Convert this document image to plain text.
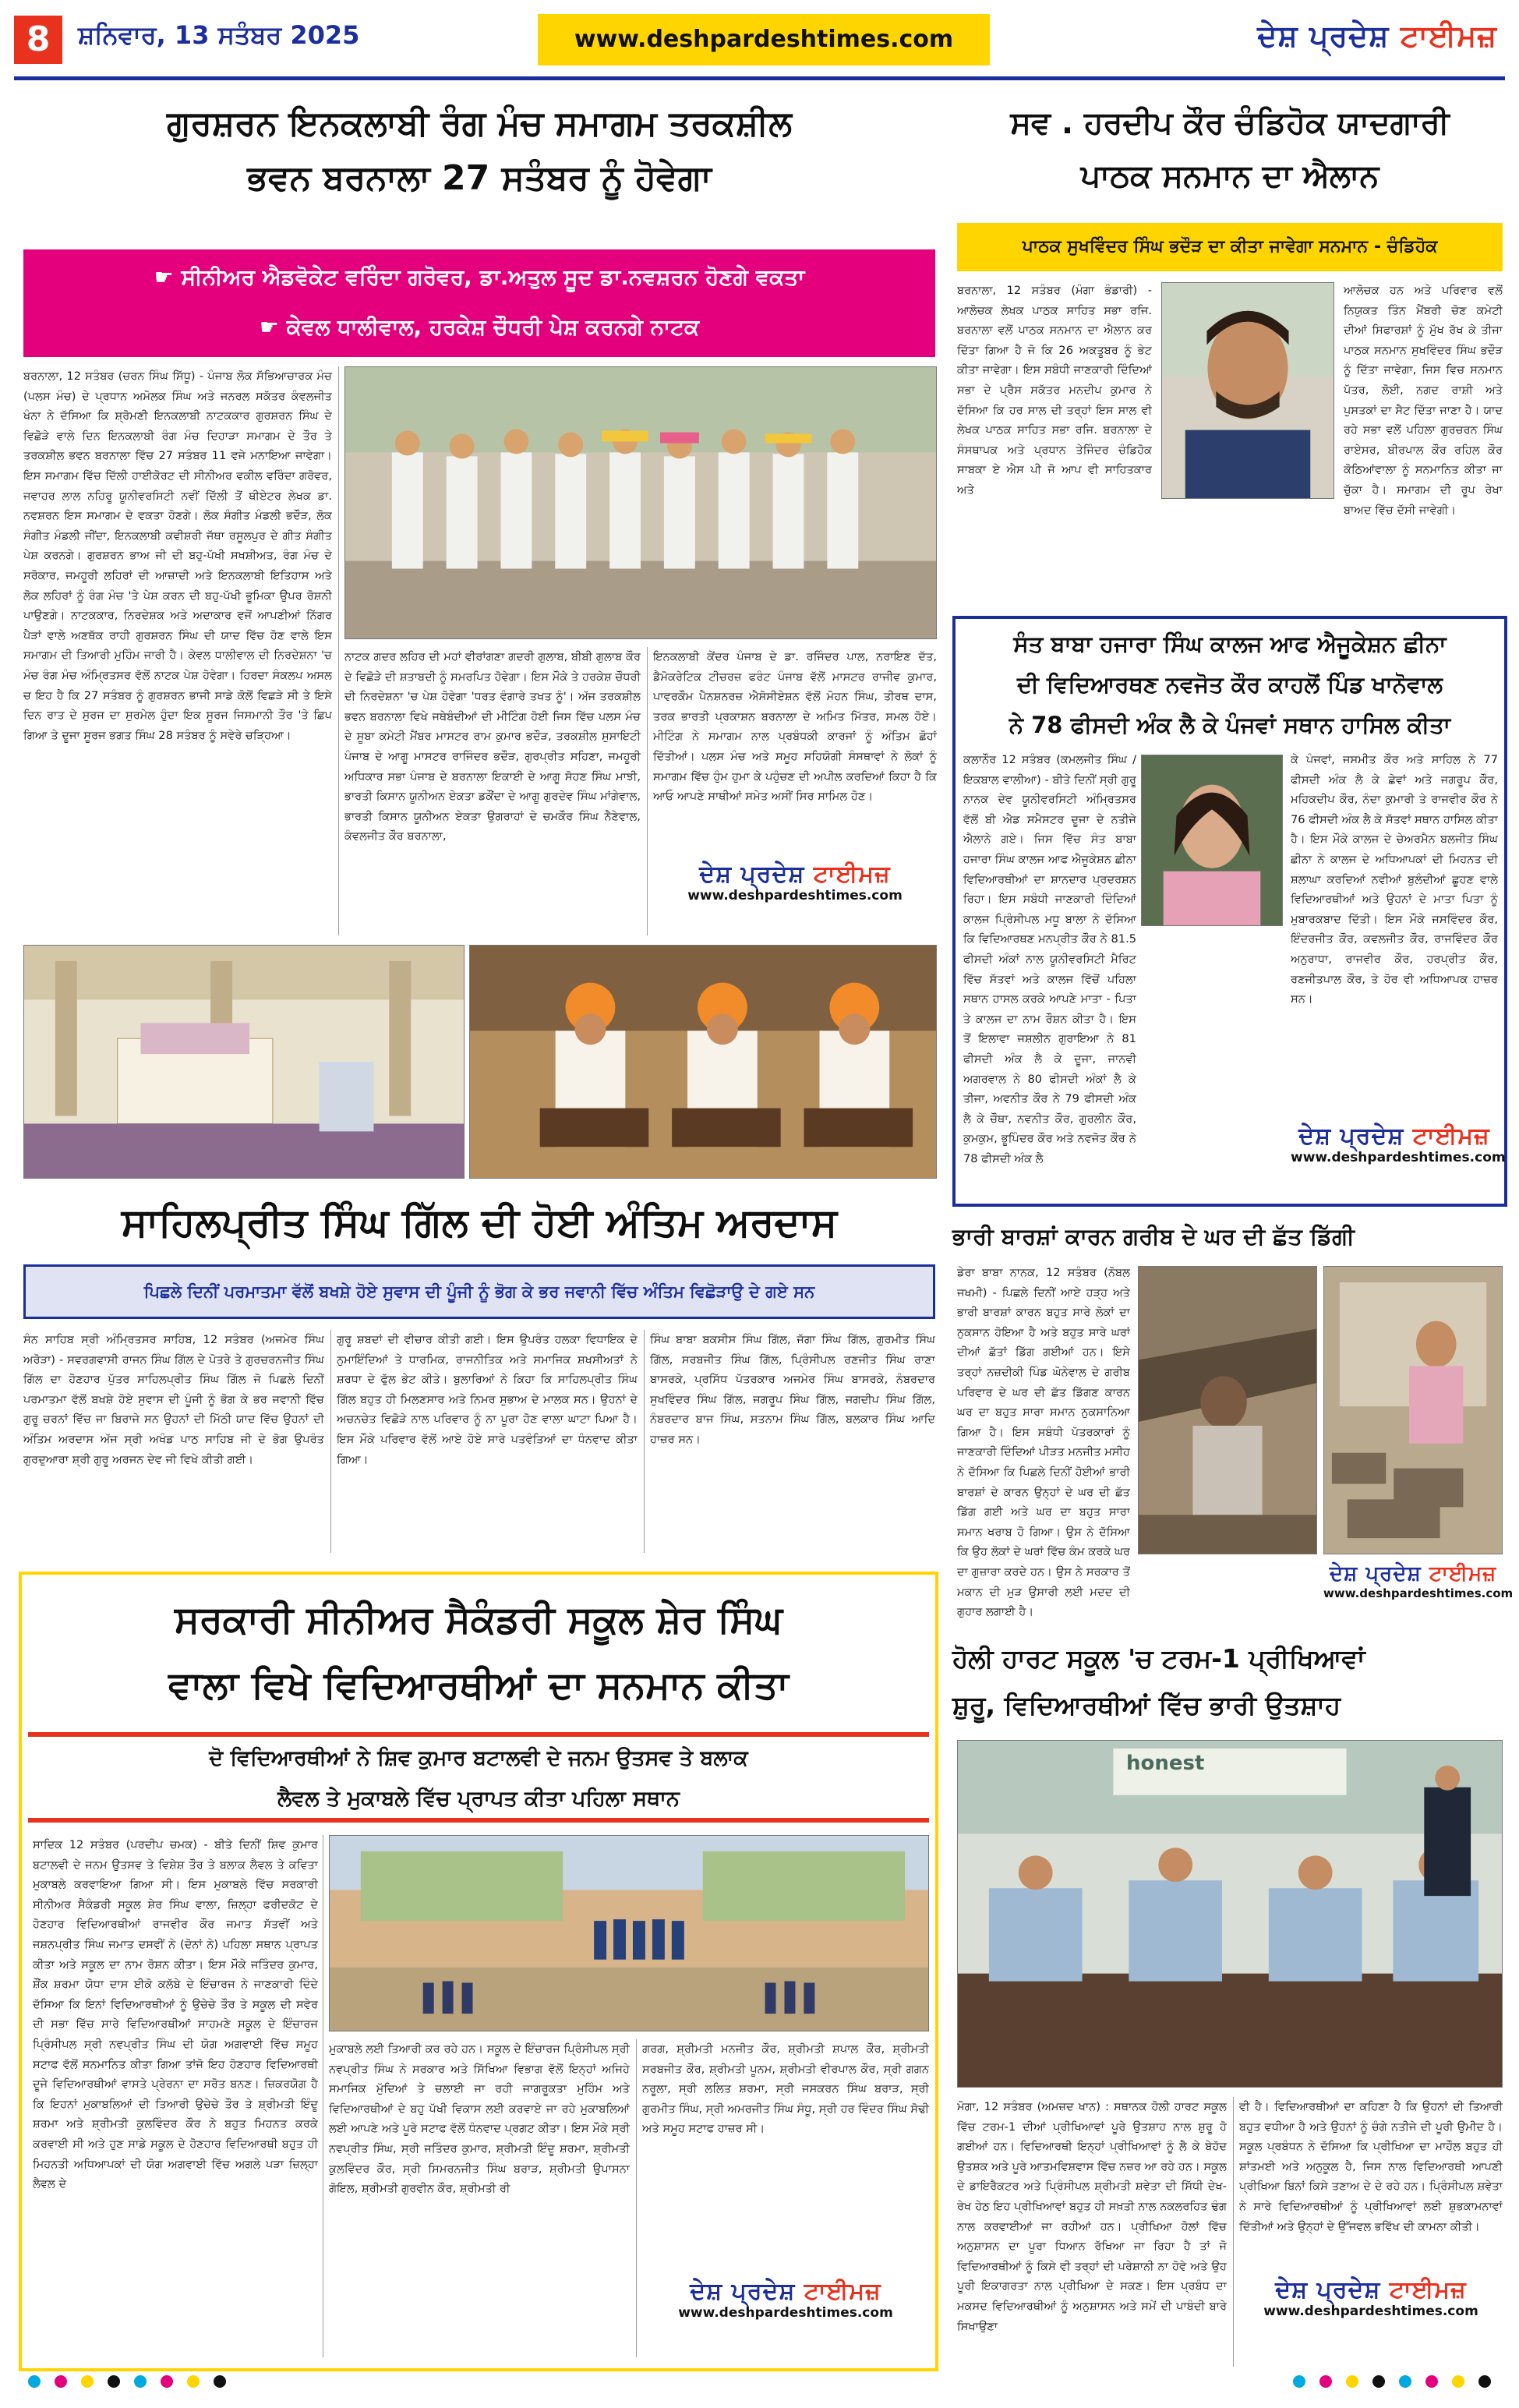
8	ਸ਼ਨਿਵਾਰ, 13 ਸਤੰਬਰ 2025	www.deshpardeshtimes.com	ਦੇਸ਼ ਪ੍ਰਦੇਸ਼ ਟਾਈਮਜ਼
ਗੁਰਸ਼ਰਨ ਇਨਕਲਾਬੀ ਰੰਗ ਮੰਚ ਸਮਾਗਮ ਤਰਕਸ਼ੀਲ
ਭਵਨ ਬਰਨਾਲਾ 27 ਸਤੰਬਰ ਨੂੰ ਹੋਵੇਗਾ
☛ ਸੀਨੀਅਰ ਐਡਵੋਕੇਟ ਵਰਿੰਦਾ ਗਰੋਵਰ, ਡਾ.ਅਤੁਲ ਸੂਦ ਡਾ.ਨਵਸ਼ਰਨ ਹੋਣਗੇ ਵਕਤਾ
☛ ਕੇਵਲ ਧਾਲੀਵਾਲ, ਹਰਕੇਸ਼ ਚੌਧਰੀ ਪੇਸ਼ ਕਰਨਗੇ ਨਾਟਕ
ਬਰਨਾਲਾ, 12 ਸਤੰਬਰ (ਚਰਨ ਸਿੰਘ ਸਿੱਧੂ) - ਪੰਜਾਬ ਲੋਕ ਸੱਭਿਆਚਾਰਕ ਮੰਚ (ਪਲਸ ਮੰਚ) ਦੇ ਪ੍ਰਧਾਨ ਅਮੋਲਕ ਸਿੰਘ ਅਤੇ ਜਨਰਲ ਸਕੱਤਰ ਕੰਵਲਜੀਤ ਖੰਨਾ ਨੇ ਦੱਸਿਆ ਕਿ ਸ਼੍ਰੋਮਣੀ ਇਨਕਲਾਬੀ ਨਾਟਕਕਾਰ ਗੁਰਸ਼ਰਨ ਸਿੰਘ ਦੇ ਵਿਛੋੜੇ ਵਾਲੇ ਦਿਨ ਇਨਕਲਾਬੀ ਰੰਗ ਮੰਚ ਦਿਹਾੜਾ ਸਮਾਗਮ ਦੇ ਤੌਰ ਤੇ ਤਰਕਸ਼ੀਲ ਭਵਨ ਬਰਨਾਲਾ ਵਿੱਚ 27 ਸਤੰਬਰ 11 ਵਜੇ ਮਨਾਇਆ ਜਾਵੇਗਾ। ਇਸ ਸਮਾਗਮ ਵਿੱਚ ਦਿੱਲੀ ਹਾਈਕੋਰਟ ਦੀ ਸੀਨੀਅਰ ਵਕੀਲ ਵਰਿੰਦਾ ਗਰੋਵਰ, ਜਵਾਹਰ ਲਾਲ ਨਹਿਰੂ ਯੂਨੀਵਰਸਿਟੀ ਨਵੀਂ ਦਿੱਲੀ ਤੋਂ ਥੀਏਟਰ ਲੇਖਕ ਡਾ. ਨਵਸ਼ਰਨ ਇਸ ਸਮਾਗਮ ਦੇ ਵਕਤਾ ਹੋਣਗੇ। ਲੋਕ ਸੰਗੀਤ ਮੰਡਲੀ ਭਦੌੜ, ਲੋਕ ਸੰਗੀਤ ਮੰਡਲੀ ਜੀਂਦਾ, ਇਨਕਲਾਬੀ ਕਵੀਸ਼ਰੀ ਜੱਥਾ ਰਸੂਲਪੁਰ ਦੇ ਗੀਤ ਸੰਗੀਤ ਪੇਸ਼ ਕਰਨਗੇ। ਗੁਰਸ਼ਰਨ ਭਾਅ ਜੀ ਦੀ ਬਹੁ-ਪੱਖੀ ਸਖਸ਼ੀਅਤ, ਰੰਗ ਮੰਚ ਦੇ ਸਰੋਕਾਰ, ਜਮਹੂਰੀ ਲਹਿਰਾਂ ਦੀ ਆਜ਼ਾਦੀ ਅਤੇ ਇਨਕਲਾਬੀ ਇਤਿਹਾਸ ਅਤੇ ਲੋਕ ਲਹਿਰਾਂ ਨੂੰ ਰੰਗ ਮੰਚ 'ਤੇ ਪੇਸ਼ ਕਰਨ ਦੀ ਬਹੁ-ਪੱਖੀ ਭੂਮਿਕਾ ਉਪਰ ਰੋਸ਼ਨੀ ਪਾਉਣਗੇ। ਨਾਟਕਕਾਰ, ਨਿਰਦੇਸ਼ਕ ਅਤੇ ਅਦਾਕਾਰ ਵਜੋਂ ਆਪਣੀਆਂ ਨਿੱਗਰ ਪੈੜਾਂ ਵਾਲੇ ਅਣਥੱਕ ਰਾਹੀ ਗੁਰਸ਼ਰਨ ਸਿੰਘ ਦੀ ਯਾਦ ਵਿੱਚ ਹੋਣ ਵਾਲੇ ਇਸ ਸਮਾਗਮ ਦੀ ਤਿਆਰੀ ਮੁਹਿੰਮ ਜਾਰੀ ਹੈ। ਕੇਵਲ ਧਾਲੀਵਾਲ ਦੀ ਨਿਰਦੇਸ਼ਨਾ 'ਚ ਮੰਚ ਰੰਗ ਮੰਚ ਅੰਮ੍ਰਿਤਸਰ ਵੱਲੋਂ ਨਾਟਕ ਪੇਸ਼ ਹੋਵੇਗਾ। ਹਿਰਦਾ ਸੰਕਲਪ ਅਸਲ ਚ ਇਹ ਹੈ ਕਿ 27 ਸਤੰਬਰ ਨੂੰ ਗੁਰਸ਼ਰਨ ਭਾਜੀ ਸਾਡੇ ਕੋਲੋਂ ਵਿਛੜੇ ਸੀ ਤੇ ਇਸੇ ਦਿਨ ਰਾਤ ਦੇ ਸੁਰਜ ਦਾ ਸੁਰਮੇਲ ਹੁੰਦਾ ਇਕ ਸੂਰਜ ਜਿਸਮਾਨੀ ਤੌਰ 'ਤੇ ਛਿਪ ਗਿਆ ਤੇ ਦੂਜਾ ਸੂਰਜ ਭਗਤ ਸਿੰਘ 28 ਸਤੰਬਰ ਨੂੰ ਸਵੇਰੇ ਚੜ੍ਹਿਆ।
ਨਾਟਕ ਗਦਰ ਲਹਿਰ ਦੀ ਮਹਾਂ ਵੀਰਾਂਗਣਾ ਗਦਰੀ ਗੁਲਾਬ, ਬੀਬੀ ਗੁਲਾਬ ਕੌਰ ਦੇ ਵਿਛੋੜੇ ਦੀ ਸ਼ਤਾਬਦੀ ਨੂੰ ਸਮਰਪਿਤ ਹੋਵੇਗਾ। ਇਸ ਮੌਕੇ ਤੇ ਹਰਕੇਸ਼ ਚੌਧਰੀ ਦੀ ਨਿਰਦੇਸ਼ਨਾ 'ਚ ਪੇਸ਼ ਹੋਵੇਗਾ 'ਧਰਤ ਵੰਗਾਰੇ ਤਖਤ ਨੂੰ'। ਅੱਜ ਤਰਕਸ਼ੀਲ ਭਵਨ ਬਰਨਾਲਾ ਵਿਖੇ ਜਥੇਬੰਦੀਆਂ ਦੀ ਮੀਟਿੰਗ ਹੋਈ ਜਿਸ ਵਿੱਚ ਪਲਸ ਮੰਚ ਦੇ ਸੂਬਾ ਕਮੇਟੀ ਮੈਂਬਰ ਮਾਸਟਰ ਰਾਮ ਕੁਮਾਰ ਭਦੌੜ, ਤਰਕਸ਼ੀਲ ਸੁਸਾਇਟੀ ਪੰਜਾਬ ਦੇ ਆਗੂ ਮਾਸਟਰ ਰਾਜਿੰਦਰ ਭਦੌੜ, ਗੁਰਪ੍ਰੀਤ ਸਹਿਣਾ, ਜਮਹੂਰੀ ਅਧਿਕਾਰ ਸਭਾ ਪੰਜਾਬ ਦੇ ਬਰਨਾਲਾ ਇਕਾਈ ਦੇ ਆਗੂ ਸੋਹਣ ਸਿੰਘ ਮਾਝੀ, ਭਾਰਤੀ ਕਿਸਾਨ ਯੂਨੀਅਨ ਏਕਤਾ ਡਕੌਂਦਾ ਦੇ ਆਗੂ ਗੁਰਦੇਵ ਸਿੰਘ ਮਾਂਗੇਵਾਲ, ਭਾਰਤੀ ਕਿਸਾਨ ਯੂਨੀਅਨ ਏਕਤਾ ਉਗਰਾਹਾਂ ਦੇ ਚਮਕੌਰ ਸਿੰਘ ਨੈਣੇਵਾਲ, ਕੰਵਲਜੀਤ ਕੌਰ ਬਰਨਾਲਾ,
ਇਨਕਲਾਬੀ ਕੇਂਦਰ ਪੰਜਾਬ ਦੇ ਡਾ. ਰਜਿੰਦਰ ਪਾਲ, ਨਰਾਇਣ ਦੱਤ, ਡੈਮੋਕਰੇਟਿਕ ਟੀਚਰਜ਼ ਫਰੰਟ ਪੰਜਾਬ ਵੱਲੋਂ ਮਾਸਟਰ ਰਾਜੀਵ ਕੁਮਾਰ, ਪਾਵਰਕੌਮ ਪੈਨਸ਼ਨਰਜ਼ ਐਸੋਸੀਏਸ਼ਨ ਵੱਲੋਂ ਮੋਹਨ ਸਿੰਘ, ਤੀਰਥ ਦਾਸ, ਤਰਕ ਭਾਰਤੀ ਪ੍ਰਕਾਸ਼ਨ ਬਰਨਾਲਾ ਦੇ ਅਮਿਤ ਮਿੱਤਰ, ਸਮਲ ਹੋਏ। ਮੀਟਿੰਗ ਨੇ ਸਮਾਗਮ ਨਾਲ ਪ੍ਰਬੰਧਕੀ ਕਾਰਜਾਂ ਨੂੰ ਅੰਤਿਮ ਛੋਹਾਂ ਦਿੱਤੀਆਂ। ਪਲਸ ਮੰਚ ਅਤੇ ਸਮੂਹ ਸਹਿਯੋਗੀ ਸੰਸਥਾਵਾਂ ਨੇ ਲੋਕਾਂ ਨੂੰ ਸਮਾਗਮ ਵਿੱਚ ਹੁੰਮ ਹੁਮਾ ਕੇ ਪਹੁੰਚਣ ਦੀ ਅਪੀਲ ਕਰਦਿਆਂ ਕਿਹਾ ਹੈ ਕਿ ਆਓ ਆਪਣੇ ਸਾਥੀਆਂ ਸਮੇਤ ਅਸੀਂ ਸਿਰ ਸਾਮਿਲ ਹੋਣ।
ਦੇਸ਼ ਪ੍ਰਦੇਸ਼ ਟਾਈਮਜ਼
www.deshpardeshtimes.com
ਸਵ . ਹਰਦੀਪ ਕੌਰ ਚੰਡਿਹੋਕ ਯਾਦਗਾਰੀ
ਪਾਠਕ ਸਨਮਾਨ ਦਾ ਐਲਾਨ
ਪਾਠਕ ਸੁਖਵਿੰਦਰ ਸਿੰਘ ਭਦੌੜ ਦਾ ਕੀਤਾ ਜਾਵੇਗਾ ਸਨਮਾਨ - ਚੰਡਿਹੋਕ
ਬਰਨਾਲਾ, 12 ਸਤੰਬਰ (ਮੰਗਾ ਭੰਡਾਰੀ) - ਆਲੋਚਕ ਲੇਖਕ ਪਾਠਕ ਸਾਹਿਤ ਸਭਾ ਰਜਿ. ਬਰਨਾਲਾ ਵਲੋਂ ਪਾਠਕ ਸਨਮਾਨ ਦਾ ਐਲਾਨ ਕਰ ਦਿੱਤਾ ਗਿਆ ਹੈ ਜੋ ਕਿ 26 ਅਕਤੂਬਰ ਨੂੰ ਭੇਟ ਕੀਤਾ ਜਾਵੇਗਾ। ਇਸ ਸਬੰਧੀ ਜਾਣਕਾਰੀ ਦਿੰਦਿਆਂ ਸਭਾ ਦੇ ਪ੍ਰੈਸ ਸਕੱਤਰ ਮਨਦੀਪ ਕੁਮਾਰ ਨੇ ਦੱਸਿਆ ਕਿ ਹਰ ਸਾਲ ਦੀ ਤਰ੍ਹਾਂ ਇਸ ਸਾਲ ਵੀ ਲੇਖਕ ਪਾਠਕ ਸਾਹਿਤ ਸਭਾ ਰਜਿ. ਬਰਨਾਲਾ ਦੇ ਸੰਸਥਾਪਕ ਅਤੇ ਪ੍ਰਧਾਨ ਤੇਜਿੰਦਰ ਚੰਡਿਹੋਕ ਸਾਬਕਾ ਏ ਐਸ ਪੀ ਜੋ ਆਪ ਵੀ ਸਾਹਿਤਕਾਰ ਅਤੇ
ਆਲੋਚਕ ਹਨ ਅਤੇ ਪਰਿਵਾਰ ਵਲੋਂ ਨਿਯੁਕਤ ਤਿੰਨ ਮੈਂਬਰੀ ਚੋਣ ਕਮੇਟੀ ਦੀਆਂ ਸਿਫਾਰਸ਼ਾਂ ਨੂੰ ਮੁੱਖ ਰੱਖ ਕੇ ਤੀਜਾ ਪਾਠਕ ਸਨਮਾਨ ਸੁਖਵਿੰਦਰ ਸਿੰਘ ਭਦੌੜ ਨੂੰ ਦਿੱਤਾ ਜਾਵੇਗਾ, ਜਿਸ ਵਿਚ ਸਨਮਾਨ ਪੱਤਰ, ਲੋਈ, ਨਗਦ ਰਾਸ਼ੀ ਅਤੇ ਪੁਸਤਕਾਂ ਦਾ ਸੈਟ ਦਿੱਤਾ ਜਾਣਾ ਹੈ। ਯਾਦ ਰਹੇ ਸਭਾ ਵਲੋਂ ਪਹਿਲਾ ਗੁਰਚਰਨ ਸਿੰਘ ਰਾਏਸਰ, ਬੀਰਪਾਲ ਕੌਰ ਰਹਿਲ ਕੌਰ ਕੋਠਿਆਂਵਾਲਾ ਨੂੰ ਸਨਮਾਨਿਤ ਕੀਤਾ ਜਾ ਚੁੱਕਾ ਹੈ। ਸਮਾਗਮ ਦੀ ਰੂਪ ਰੇਖਾ ਬਾਅਦ ਵਿੱਚ ਦੱਸੀ ਜਾਵੇਗੀ।
ਸੰਤ ਬਾਬਾ ਹਜਾਰਾ ਸਿੰਘ ਕਾਲਜ ਆਫ ਐਜੂਕੇਸ਼ਨ ਛੀਨਾ
ਦੀ ਵਿਦਿਆਰਥਣ ਨਵਜੋਤ ਕੌਰ ਕਾਹਲੋਂ ਪਿੰਡ ਖਾਨੋਵਾਲ
ਨੇ 78 ਫੀਸਦੀ ਅੰਕ ਲੈ ਕੇ ਪੰਜਵਾਂ ਸਥਾਨ ਹਾਸਿਲ ਕੀਤਾ
ਕਲਾਨੌਰ 12 ਸਤੰਬਰ (ਕਮਲਜੀਤ ਸਿੰਘ / ਇਕਬਾਲ ਵਾਲੀਆ) - ਬੀਤੇ ਦਿਨੀਂ ਸ੍ਰੀ ਗੁਰੂ ਨਾਨਕ ਦੇਵ ਯੂਨੀਵਰਸਿਟੀ ਅੰਮ੍ਰਿਤਸਰ ਵੱਲੋਂ ਬੀ ਐਡ ਸਮੈਸਟਰ ਦੂਜਾ ਦੇ ਨਤੀਜੇ ਐਲਾਨੇ ਗਏ। ਜਿਸ ਵਿੱਚ ਸੰਤ ਬਾਬਾ ਹਜਾਰਾ ਸਿੰਘ ਕਾਲਜ ਆਫ ਐਜੂਕੇਸ਼ਨ ਛੀਨਾ ਵਿਦਿਆਰਥੀਆਂ ਦਾ ਸ਼ਾਨਦਾਰ ਪ੍ਰਦਰਸ਼ਨ ਰਿਹਾ। ਇਸ ਸਬੰਧੀ ਜਾਣਕਾਰੀ ਦਿੰਦਿਆਂ ਕਾਲਜ ਪ੍ਰਿੰਸੀਪਲ ਮਧੂ ਬਾਲਾ ਨੇ ਦੱਸਿਆ ਕਿ ਵਿਦਿਆਰਥਣ ਮਨਪ੍ਰੀਤ ਕੌਰ ਨੇ 81.5 ਫੀਸਦੀ ਅੰਕਾਂ ਨਾਲ ਯੂਨੀਵਰਸਿਟੀ ਮੈਰਿਟ ਵਿੱਚ ਸੱਤਵਾਂ ਅਤੇ ਕਾਲਜ ਵਿੱਚੋਂ ਪਹਿਲਾ ਸਥਾਨ ਹਾਸਲ ਕਰਕੇ ਆਪਣੇ ਮਾਤਾ - ਪਿਤਾ ਤੇ ਕਾਲਜ ਦਾ ਨਾਮ ਰੌਸ਼ਨ ਕੀਤਾ ਹੈ। ਇਸ ਤੋਂ ਇਲਾਵਾ ਜਸ਼ਲੀਨ ਗੁਰਾਇਆ ਨੇ 81 ਫੀਸਦੀ ਅੰਕ ਲੈ ਕੇ ਦੂਜਾ, ਜਾਨਵੀ ਅਗਰਵਾਲ ਨੇ 80 ਫੀਸਦੀ ਅੰਕਾਂ ਲੈ ਕੇ ਤੀਜਾ, ਅਵਨੀਤ ਕੌਰ ਨੇ 79 ਫੀਸਦੀ ਅੰਕ ਲੈ ਕੇ ਚੌਥਾ, ਨਵਨੀਤ ਕੌਰ, ਗੁਰਲੀਨ ਕੌਰ, ਕੁਮਕੁਮ, ਭੂਪਿੰਦਰ ਕੌਰ ਅਤੇ ਨਵਜੋਤ ਕੌਰ ਨੇ 78 ਫੀਸਦੀ ਅੰਕ ਲੈ
ਕੇ ਪੰਜਵਾਂ, ਜਸਮੀਤ ਕੌਰ ਅਤੇ ਸਾਹਿਲ ਨੇ 77 ਫੀਸਦੀ ਅੰਕ ਲੈ ਕੇ ਛੇਵਾਂ ਅਤੇ ਜਗਰੂਪ ਕੌਰ, ਮਹਿਕਦੀਪ ਕੌਰ, ਨੰਦਾ ਕੁਮਾਰੀ ਤੇ ਰਾਜਵੀਰ ਕੌਰ ਨੇ 76 ਫੀਸਦੀ ਅੰਕ ਲੈ ਕੇ ਸੱਤਵਾਂ ਸਥਾਨ ਹਾਸਿਲ ਕੀਤਾ ਹੈ। ਇਸ ਮੌਕੇ ਕਾਲਜ ਦੇ ਚੇਅਰਮੈਨ ਬਲਜੀਤ ਸਿੰਘ ਛੀਨਾ ਨੇ ਕਾਲਜ ਦੇ ਅਧਿਆਪਕਾਂ ਦੀ ਮਿਹਨਤ ਦੀ ਸ਼ਲਾਘਾ ਕਰਦਿਆਂ ਨਵੀਆਂ ਬੁਲੰਦੀਆਂ ਛੂਹਣ ਵਾਲੇ ਵਿਦਿਆਰਥੀਆਂ ਅਤੇ ਉਹਨਾਂ ਦੇ ਮਾਤਾ ਪਿਤਾ ਨੂੰ ਮੁਬਾਰਕਬਾਦ ਦਿੱਤੀ। ਇਸ ਮੌਕੇ ਜਸਵਿੰਦਰ ਕੌਰ, ਇੰਦਰਜੀਤ ਕੌਰ, ਕਵਲਜੀਤ ਕੌਰ, ਰਾਜਵਿੰਦਰ ਕੌਰ ਅਨੁਰਾਧਾ, ਰਾਜਵੀਰ ਕੌਰ, ਹਰਪ੍ਰੀਤ ਕੌਰ, ਰਣਜੀਤਪਾਲ ਕੌਰ, ਤੇ ਹੋਰ ਵੀ ਅਧਿਆਪਕ ਹਾਜ਼ਰ ਸਨ।
ਦੇਸ਼ ਪ੍ਰਦੇਸ਼ ਟਾਈਮਜ਼
www.deshpardeshtimes.com
ਸਾਹਿਲਪ੍ਰੀਤ ਸਿੰਘ ਗਿੱਲ ਦੀ ਹੋਈ ਅੰਤਿਮ ਅਰਦਾਸ
ਪਿਛਲੇ ਦਿਨੀਂ ਪਰਮਾਤਮਾ ਵੱਲੋਂ ਬਖਸ਼ੇ ਹੋਏ ਸੁਵਾਸ ਦੀ ਪੂੰਜੀ ਨੂੰ ਭੋਗ ਕੇ ਭਰ ਜਵਾਨੀ ਵਿੱਚ ਅੰਤਿਮ ਵਿਛੋੜਾਉ ਦੇ ਗਏ ਸਨ
ਸੰਨ ਸਾਹਿਬ ਸ੍ਰੀ ਅੰਮ੍ਰਿਤਸਰ ਸਾਹਿਬ, 12 ਸਤੰਬਰ (ਅਜਮੇਰ ਸਿੰਘ ਅਰੋੜਾ) - ਸਵਰਗਵਾਸੀ ਰਾਜਨ ਸਿੰਘ ਗਿੱਲ ਦੇ ਪੋਤਰੇ ਤੇ ਗੁਰਚਰਨਜੀਤ ਸਿੰਘ ਗਿੱਲ ਦਾ ਹੋਣਹਾਰ ਪੁੱਤਰ ਸਾਹਿਲਪ੍ਰੀਤ ਸਿੰਘ ਗਿੱਲ ਜੋ ਪਿਛਲੇ ਦਿਨੀਂ ਪਰਮਾਤਮਾ ਵੱਲੋਂ ਬਖਸ਼ੇ ਹੋਏ ਸੁਵਾਸ ਦੀ ਪੂੰਜੀ ਨੂੰ ਭੋਗ ਕੇ ਭਰ ਜਵਾਨੀ ਵਿੱਚ ਗੁਰੂ ਚਰਨਾਂ ਵਿੱਚ ਜਾ ਬਿਰਾਜੇ ਸਨ ਉਹਨਾਂ ਦੀ ਮਿੱਠੀ ਯਾਦ ਵਿੱਚ ਉਹਨਾਂ ਦੀ ਅੰਤਿਮ ਅਰਦਾਸ ਅੱਜ ਸ੍ਰੀ ਅਖੰਡ ਪਾਠ ਸਾਹਿਬ ਜੀ ਦੇ ਭੋਗ ਉਪਰੰਤ ਗੁਰਦੁਆਰਾ ਸ਼੍ਰੀ ਗੁਰੂ ਅਰਜਨ ਦੇਵ ਜੀ ਵਿਖੇ ਕੀਤੀ ਗਈ।
ਗੁਰੂ ਸ਼ਬਦਾਂ ਦੀ ਵੀਚਾਰ ਕੀਤੀ ਗਈ। ਇਸ ਉਪਰੰਤ ਹਲਕਾ ਵਿਧਾਇਕ ਦੇ ਨੁਮਾਇੰਦਿਆਂ ਤੇ ਧਾਰਮਿਕ, ਰਾਜਨੀਤਿਕ ਅਤੇ ਸਮਾਜਿਕ ਸ਼ਖਸੀਅਤਾਂ ਨੇ ਸ਼ਰਧਾ ਦੇ ਫੁੱਲ ਭੇਟ ਕੀਤੇ। ਬੁਲਾਰਿਆਂ ਨੇ ਕਿਹਾ ਕਿ ਸਾਹਿਲਪ੍ਰੀਤ ਸਿੰਘ ਗਿੱਲ ਬਹੁਤ ਹੀ ਮਿਲਣਸਾਰ ਅਤੇ ਨਿਮਰ ਸੁਭਾਅ ਦੇ ਮਾਲਕ ਸਨ। ਉਹਨਾਂ ਦੇ ਅਚਨਚੇਤ ਵਿਛੋੜੇ ਨਾਲ ਪਰਿਵਾਰ ਨੂੰ ਨਾ ਪੂਰਾ ਹੋਣ ਵਾਲਾ ਘਾਟਾ ਪਿਆ ਹੈ। ਇਸ ਮੌਕੇ ਪਰਿਵਾਰ ਵੱਲੋਂ ਆਏ ਹੋਏ ਸਾਰੇ ਪਤਵੰਤਿਆਂ ਦਾ ਧੰਨਵਾਦ ਕੀਤਾ ਗਿਆ।
ਸਿੰਘ ਬਾਬਾ ਬਕਸੀਸ ਸਿੰਘ ਗਿੱਲ, ਜੱਗਾ ਸਿੰਘ ਗਿੱਲ, ਗੁਰਮੀਤ ਸਿੰਘ ਗਿੱਲ, ਸਰਬਜੀਤ ਸਿੰਘ ਗਿੱਲ, ਪ੍ਰਿੰਸੀਪਲ ਰਣਜੀਤ ਸਿੰਘ ਰਾਣਾ ਬਾਸਰਕੇ, ਪ੍ਰਸਿੱਧ ਪੱਤਰਕਾਰ ਅਜਮੇਰ ਸਿੰਘ ਬਾਸਰਕੇ, ਨੰਬਰਦਾਰ ਸੁਖਵਿੰਦਰ ਸਿੰਘ ਗਿੱਲ, ਜਗਰੂਪ ਸਿੰਘ ਗਿੱਲ, ਜਗਦੀਪ ਸਿੰਘ ਗਿੱਲ, ਨੰਬਰਦਾਰ ਬਾਜ ਸਿੰਘ, ਸਤਨਾਮ ਸਿੰਘ ਗਿੱਲ, ਬਲਕਾਰ ਸਿੰਘ ਆਦਿ ਹਾਜ਼ਰ ਸਨ।
ਭਾਰੀ ਬਾਰਸ਼ਾਂ ਕਾਰਨ ਗਰੀਬ ਦੇ ਘਰ ਦੀ ਛੱਤ ਡਿੱਗੀ
ਡੇਰਾ ਬਾਬਾ ਨਾਨਕ, 12 ਸਤੰਬਰ (ਨੋਬਲ ਜਖਮੀ) - ਪਿਛਲੇ ਦਿਨੀਂ ਆਏ ਹੜ੍ਹ ਅਤੇ ਭਾਰੀ ਬਾਰਸ਼ਾਂ ਕਾਰਨ ਬਹੁਤ ਸਾਰੇ ਲੋਕਾਂ ਦਾ ਨੁਕਸਾਨ ਹੋਇਆ ਹੈ ਅਤੇ ਬਹੁਤ ਸਾਰੇ ਘਰਾਂ ਦੀਆਂ ਛੱਤਾਂ ਡਿੱਗ ਗਈਆਂ ਹਨ। ਇਸੇ ਤਰ੍ਹਾਂ ਨਜ਼ਦੀਕੀ ਪਿੰਡ ਘੋਨੇਵਾਲ ਦੇ ਗਰੀਬ ਪਰਿਵਾਰ ਦੇ ਘਰ ਦੀ ਛੱਤ ਡਿੱਗਣ ਕਾਰਨ ਘਰ ਦਾ ਬਹੁਤ ਸਾਰਾ ਸਮਾਨ ਨੁਕਸਾਨਿਆ ਗਿਆ ਹੈ। ਇਸ ਸਬੰਧੀ ਪੱਤਰਕਾਰਾਂ ਨੂੰ ਜਾਣਕਾਰੀ ਦਿੰਦਿਆਂ ਪੀੜਤ ਮਨਜੀਤ ਮਸੀਹ ਨੇ ਦੱਸਿਆ ਕਿ ਪਿਛਲੇ ਦਿਨੀਂ ਹੋਈਆਂ ਭਾਰੀ ਬਾਰਸ਼ਾਂ ਦੇ ਕਾਰਨ ਉਨ੍ਹਾਂ ਦੇ ਘਰ ਦੀ ਛੱਤ ਡਿੱਗ ਗਈ ਅਤੇ ਘਰ ਦਾ ਬਹੁਤ ਸਾਰਾ ਸਮਾਨ ਖਰਾਬ ਹੋ ਗਿਆ। ਉਸ ਨੇ ਦੱਸਿਆ ਕਿ ਉਹ ਲੋਕਾਂ ਦੇ ਘਰਾਂ ਵਿੱਚ ਕੰਮ ਕਰਕੇ ਘਰ ਦਾ ਗੁਜ਼ਾਰਾ ਕਰਦੇ ਹਨ। ਉਸ ਨੇ ਸਰਕਾਰ ਤੋਂ ਮਕਾਨ ਦੀ ਮੁੜ ਉਸਾਰੀ ਲਈ ਮਦਦ ਦੀ ਗੁਹਾਰ ਲਗਾਈ ਹੈ।
ਦੇਸ਼ ਪ੍ਰਦੇਸ਼ ਟਾਈਮਜ਼
www.deshpardeshtimes.com
ਸਰਕਾਰੀ ਸੀਨੀਅਰ ਸੈਕੰਡਰੀ ਸਕੂਲ ਸ਼ੇਰ ਸਿੰਘ
ਵਾਲਾ ਵਿਖੇ ਵਿਦਿਆਰਥੀਆਂ ਦਾ ਸਨਮਾਨ ਕੀਤਾ
ਦੋ ਵਿਦਿਆਰਥੀਆਂ ਨੇ ਸ਼ਿਵ ਕੁਮਾਰ ਬਟਾਲਵੀ ਦੇ ਜਨਮ ਉਤਸਵ ਤੇ ਬਲਾਕ
ਲੈਵਲ ਤੇ ਮੁਕਾਬਲੇ ਵਿੱਚ ਪ੍ਰਾਪਤ ਕੀਤਾ ਪਹਿਲਾ ਸਥਾਨ
ਸਾਦਿਕ 12 ਸਤੰਬਰ (ਪਰਦੀਪ ਚਮਕ) - ਬੀਤੇ ਦਿਨੀਂ ਸ਼ਿਵ ਕੁਮਾਰ ਬਟਾਲਵੀ ਦੇ ਜਨਮ ਉਤਸਵ ਤੇ ਵਿਸ਼ੇਸ਼ ਤੌਰ ਤੇ ਬਲਾਕ ਲੈਵਲ ਤੇ ਕਵਿਤਾ ਮੁਕਾਬਲੇ ਕਰਵਾਇਆ ਗਿਆ ਸੀ। ਇਸ ਮੁਕਾਬਲੇ ਵਿੱਚ ਸਰਕਾਰੀ ਸੀਨੀਅਰ ਸੈਕੰਡਰੀ ਸਕੂਲ ਸ਼ੇਰ ਸਿੰਘ ਵਾਲਾ, ਜ਼ਿਲ੍ਹਾ ਫਰੀਦਕੋਟ ਦੇ ਹੋਣਹਾਰ ਵਿਦਿਆਰਥੀਆਂ ਰਾਜਵੀਰ ਕੌਰ ਜਮਾਤ ਸੱਤਵੀਂ ਅਤੇ ਜਸ਼ਨਪ੍ਰੀਤ ਸਿੰਘ ਜਮਾਤ ਦਸਵੀਂ ਨੇ (ਦੋਨਾਂ ਨੇ) ਪਹਿਲਾ ਸਥਾਨ ਪ੍ਰਾਪਤ ਕੀਤਾ ਅਤੇ ਸਕੂਲ ਦਾ ਨਾਮ ਰੋਸ਼ਨ ਕੀਤਾ। ਇਸ ਮੌਕੇ ਜਤਿੰਦਰ ਕੁਮਾਰ, ਸ਼ੌਂਕ ਸ਼ਰਮਾ ਯੋਧਾ ਦਾਸ ਈਕੋ ਕਲੱਬੇ ਦੇ ਇੰਚਾਰਜ ਨੇ ਜਾਣਕਾਰੀ ਦਿੰਦੇ ਦੱਸਿਆ ਕਿ ਇਨਾਂ ਵਿਦਿਆਰਥੀਆਂ ਨੂੰ ਉਚੇਚੇ ਤੌਰ ਤੇ ਸਕੂਲ ਦੀ ਸਵੇਰ ਦੀ ਸਭਾ ਵਿੱਚ ਸਾਰੇ ਵਿਦਿਆਰਥੀਆਂ ਸਾਹਮਣੇ ਸਕੂਲ ਦੇ ਇੰਚਾਰਜ ਪ੍ਰਿੰਸੀਪਲ ਸ੍ਰੀ ਨਵਪ੍ਰੀਤ ਸਿੰਘ ਦੀ ਯੋਗ ਅਗਵਾਈ ਵਿੱਚ ਸਮੂਹ ਸਟਾਫ ਵੱਲੋਂ ਸਨਮਾਨਿਤ ਕੀਤਾ ਗਿਆ ਤਾਂਜੋ ਇਹ ਹੋਣਹਾਰ ਵਿਦਿਆਰਥੀ ਦੂਜੇ ਵਿਦਿਆਰਥੀਆਂ ਵਾਸਤੇ ਪ੍ਰੇਰਨਾ ਦਾ ਸਰੋਤ ਬਨਣ। ਜ਼ਿਕਰਯੋਗ ਹੈ ਕਿ ਇਹਨਾਂ ਮੁਕਾਬਲਿਆਂ ਦੀ ਤਿਆਰੀ ਉਚੇਚੇ ਤੌਰ ਤੇ ਸ਼੍ਰੀਮਤੀ ਇੰਦੂ ਸ਼ਰਮਾ ਅਤੇ ਸ਼੍ਰੀਮਤੀ ਕੁਲਵਿੰਦਰ ਕੌਰ ਨੇ ਬਹੁਤ ਮਿਹਨਤ ਕਰਕੇ ਕਰਵਾਈ ਸੀ ਅਤੇ ਹੁਣ ਸਾਡੇ ਸਕੂਲ ਦੇ ਹੋਣਹਾਰ ਵਿਦਿਆਰਥੀ ਬਹੁਤ ਹੀ ਮਿਹਨਤੀ ਅਧਿਆਪਕਾਂ ਦੀ ਯੋਗ ਅਗਵਾਈ ਵਿੱਚ ਅਗਲੇ ਪੜਾ ਜ਼ਿਲ੍ਹਾ ਲੈਵਲ ਦੇ
ਮੁਕਾਬਲੇ ਲਈ ਤਿਆਰੀ ਕਰ ਰਹੇ ਹਨ। ਸਕੂਲ ਦੇ ਇੰਚਾਰਜ ਪ੍ਰਿੰਸੀਪਲ ਸ੍ਰੀ ਨਵਪ੍ਰੀਤ ਸਿੰਘ ਨੇ ਸਰਕਾਰ ਅਤੇ ਸਿੱਖਿਆ ਵਿਭਾਗ ਵੱਲੋਂ ਇਨ੍ਹਾਂ ਅਜਿਹੇ ਸਮਾਜਿਕ ਮੁੱਦਿਆਂ ਤੇ ਚਲਾਈ ਜਾ ਰਹੀ ਜਾਗਰੂਕਤਾ ਮੁਹਿੰਮ ਅਤੇ ਵਿਦਿਆਰਥੀਆਂ ਦੇ ਬਹੁ ਪੱਖੀ ਵਿਕਾਸ ਲਈ ਕਰਵਾਏ ਜਾ ਰਹੇ ਮੁਕਾਬਲਿਆਂ ਲਈ ਆਪਣੇ ਅਤੇ ਪੂਰੇ ਸਟਾਫ ਵੱਲੋਂ ਧੰਨਵਾਦ ਪ੍ਰਗਟ ਕੀਤਾ। ਇਸ ਮੌਕੇ ਸ੍ਰੀ ਨਵਪ੍ਰੀਤ ਸਿੰਘ, ਸ੍ਰੀ ਜਤਿੰਦਰ ਕੁਮਾਰ, ਸ਼੍ਰੀਮਤੀ ਇੰਦੂ ਸ਼ਰਮਾ, ਸ਼੍ਰੀਮਤੀ ਕੁਲਵਿੰਦਰ ਕੌਰ, ਸ੍ਰੀ ਸਿਮਰਨਜੀਤ ਸਿੰਘ ਬਰਾੜ, ਸ਼੍ਰੀਮਤੀ ਉਪਾਸਨਾ ਗੋਇਲ, ਸ਼੍ਰੀਮਤੀ ਗੁਰਵੀਨ ਕੌਰ, ਸ਼੍ਰੀਮਤੀ ਰੀ
ਗਰਗ, ਸ਼੍ਰੀਮਤੀ ਮਨਜੀਤ ਕੌਰ, ਸ਼੍ਰੀਮਤੀ ਸ਼ਪਾਲ ਕੌਰ, ਸ਼੍ਰੀਮਤੀ ਸਰਬਜੀਤ ਕੌਰ, ਸ਼੍ਰੀਮਤੀ ਪੂਨਮ, ਸ਼੍ਰੀਮਤੀ ਵੀਰਪਾਲ ਕੌਰ, ਸ੍ਰੀ ਗਗਨ ਨਰੂਲਾ, ਸ੍ਰੀ ਲਲਿਤ ਸ਼ਰਮਾ, ਸ੍ਰੀ ਜਸਕਰਨ ਸਿੰਘ ਬਰਾੜ, ਸ੍ਰੀ ਗੁਰਮੀਤ ਸਿੰਘ, ਸ੍ਰੀ ਅਮਰਜੀਤ ਸਿੰਘ ਸੰਧੂ, ਸ੍ਰੀ ਹਰ ਵਿੰਦਰ ਸਿੰਘ ਸੋਢੀ ਅਤੇ ਸਮੂਹ ਸਟਾਫ ਹਾਜ਼ਰ ਸੀ।
ਦੇਸ਼ ਪ੍ਰਦੇਸ਼ ਟਾਈਮਜ਼
www.deshpardeshtimes.com
ਹੋਲੀ ਹਾਰਟ ਸਕੂਲ 'ਚ ਟਰਮ-1 ਪ੍ਰੀਖਿਆਵਾਂ
ਸ਼ੁਰੂ, ਵਿਦਿਆਰਥੀਆਂ ਵਿੱਚ ਭਾਰੀ ਉਤਸ਼ਾਹ
honest
ਮੋਗਾ, 12 ਸਤੰਬਰ (ਅਮਜ਼ਦ ਖਾਨ) : ਸਥਾਨਕ ਹੋਲੀ ਹਾਰਟ ਸਕੂਲ ਵਿੱਚ ਟਰਮ-1 ਦੀਆਂ ਪ੍ਰੀਖਿਆਵਾਂ ਪੂਰੇ ਉਤਸ਼ਾਹ ਨਾਲ ਸ਼ੁਰੂ ਹੋ ਗਈਆਂ ਹਨ। ਵਿਦਿਆਰਥੀ ਇਨ੍ਹਾਂ ਪ੍ਰੀਖਿਆਵਾਂ ਨੂੰ ਲੈ ਕੇ ਬੇਹੱਦ ਉਤਸ਼ਕ ਅਤੇ ਪੂਰੇ ਆਤਮਵਿਸ਼ਵਾਸ ਵਿੱਚ ਨਜ਼ਰ ਆ ਰਹੇ ਹਨ। ਸਕੂਲ ਦੇ ਡਾਇਰੈਕਟਰ ਅਤੇ ਪ੍ਰਿੰਸੀਪਲ ਸ਼੍ਰੀਮਤੀ ਸ਼ਵੇਤਾ ਦੀ ਸਿੱਧੀ ਦੇਖ-ਰੇਖ ਹੇਠ ਇਹ ਪ੍ਰੀਖਿਆਵਾਂ ਬਹੁਤ ਹੀ ਸਖ਼ਤੀ ਨਾਲ ਨਕਲਰਹਿਤ ਢੰਗ ਨਾਲ ਕਰਵਾਈਆਂ ਜਾ ਰਹੀਆਂ ਹਨ। ਪ੍ਰੀਖਿਆ ਹੋਲਾਂ ਵਿੱਚ ਅਨੁਸ਼ਾਸਨ ਦਾ ਪੂਰਾ ਧਿਆਨ ਰੱਖਿਆ ਜਾ ਰਿਹਾ ਹੈ ਤਾਂ ਜੋ ਵਿਦਿਆਰਥੀਆਂ ਨੂੰ ਕਿਸੇ ਵੀ ਤਰ੍ਹਾਂ ਦੀ ਪਰੇਸ਼ਾਨੀ ਨਾ ਹੋਵੇ ਅਤੇ ਉਹ ਪੂਰੀ ਇਕਾਗਰਤਾ ਨਾਲ ਪ੍ਰੀਖਿਆ ਦੇ ਸਕਣ। ਇਸ ਪ੍ਰਬੰਧ ਦਾ ਮਕਸਦ ਵਿਦਿਆਰਥੀਆਂ ਨੂੰ ਅਨੁਸ਼ਾਸਨ ਅਤੇ ਸਮੇਂ ਦੀ ਪਾਬੰਦੀ ਬਾਰੇ ਸਿਖਾਉਣਾ
ਵੀ ਹੈ। ਵਿਦਿਆਰਥੀਆਂ ਦਾ ਕਹਿਣਾ ਹੈ ਕਿ ਉਹਨਾਂ ਦੀ ਤਿਆਰੀ ਬਹੁਤ ਵਧੀਆ ਹੈ ਅਤੇ ਉਹਨਾਂ ਨੂੰ ਚੰਗੇ ਨਤੀਜੇ ਦੀ ਪੂਰੀ ਉਮੀਦ ਹੈ। ਸਕੂਲ ਪ੍ਰਬੰਧਨ ਨੇ ਦੱਸਿਆ ਕਿ ਪ੍ਰੀਖਿਆ ਦਾ ਮਾਹੌਲ ਬਹੁਤ ਹੀ ਸ਼ਾਂਤਮਈ ਅਤੇ ਅਨੁਕੂਲ ਹੈ, ਜਿਸ ਨਾਲ ਵਿਦਿਆਰਥੀ ਆਪਣੀ ਪ੍ਰੀਖਿਆ ਬਿਨਾਂ ਕਿਸੇ ਤਣਾਅ ਦੇ ਦੇ ਰਹੇ ਹਨ। ਪ੍ਰਿੰਸੀਪਲ ਸ਼ਵੇਤਾ ਨੇ ਸਾਰੇ ਵਿਦਿਆਰਥੀਆਂ ਨੂੰ ਪ੍ਰੀਖਿਆਵਾਂ ਲਈ ਸ਼ੁਭਕਾਮਨਾਵਾਂ ਦਿੱਤੀਆਂ ਅਤੇ ਉਨ੍ਹਾਂ ਦੇ ਉੱਜਵਲ ਭਵਿੱਖ ਦੀ ਕਾਮਨਾ ਕੀਤੀ।
ਦੇਸ਼ ਪ੍ਰਦੇਸ਼ ਟਾਈਮਜ਼
www.deshpardeshtimes.com
